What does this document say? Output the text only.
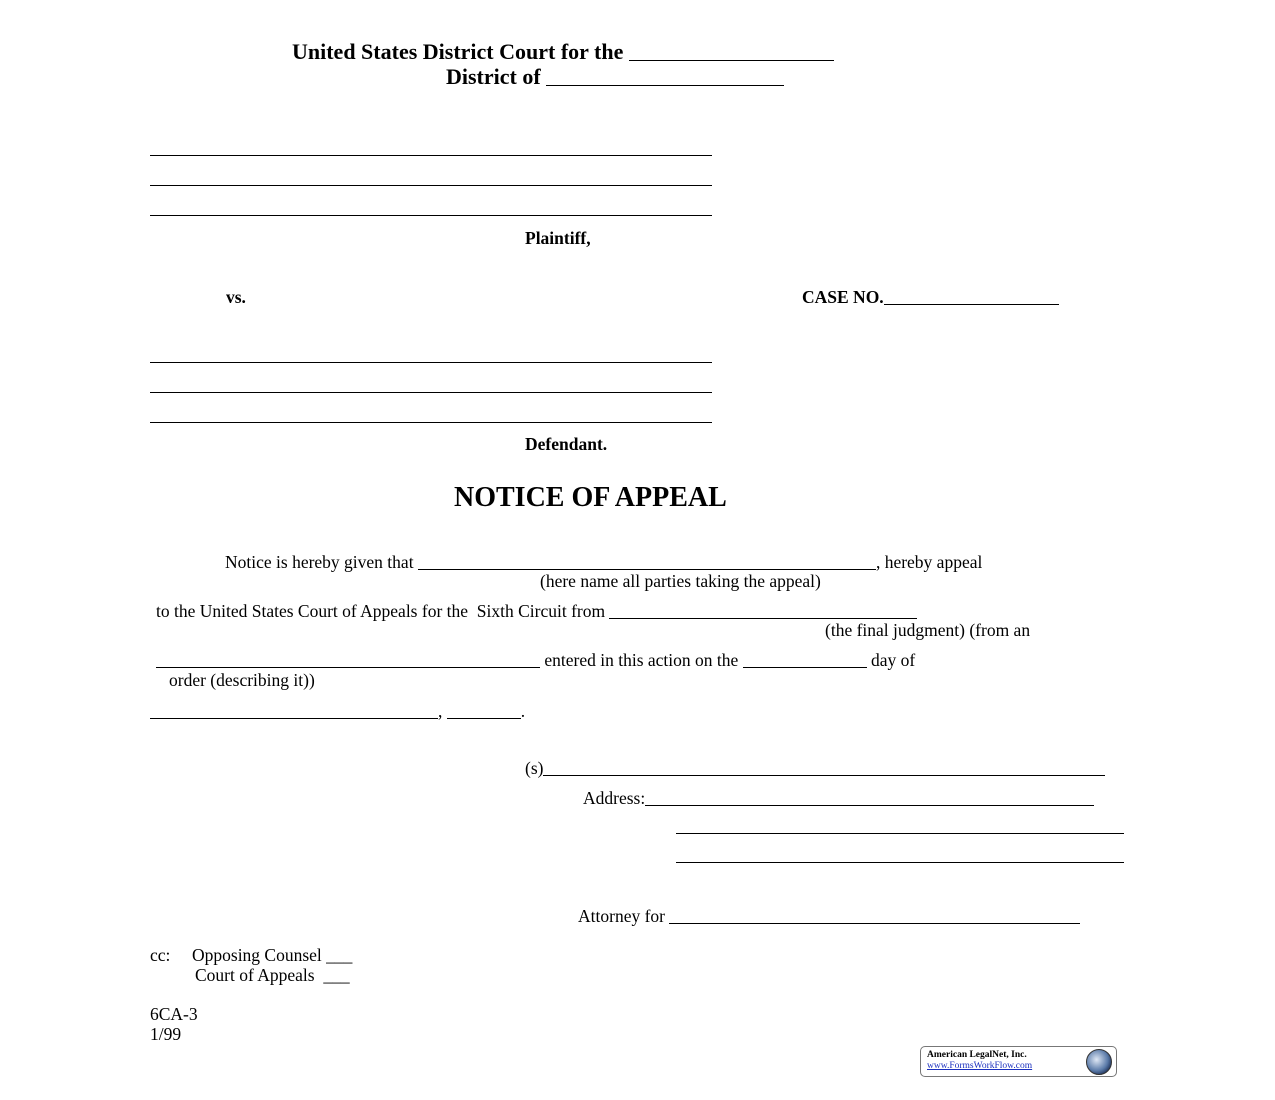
United States District Court for the
District of
Plaintiff,
vs.	CASE NO.
Defendant.
NOTICE OF APPEAL
Notice is hereby given that	, hereby appeal
(here name all parties taking the appeal)
to the United States Court of Appeals for the  Sixth Circuit from
(the final judgment) (from an
entered in this action on the	day of
order (describing it))
,	.
(s)
Address:
Attorney for
cc: Opposing Counsel ___
Court of Appeals  ___
6CA-3
1/99
American LegalNet, Inc.
www.FormsWorkFlow.com
